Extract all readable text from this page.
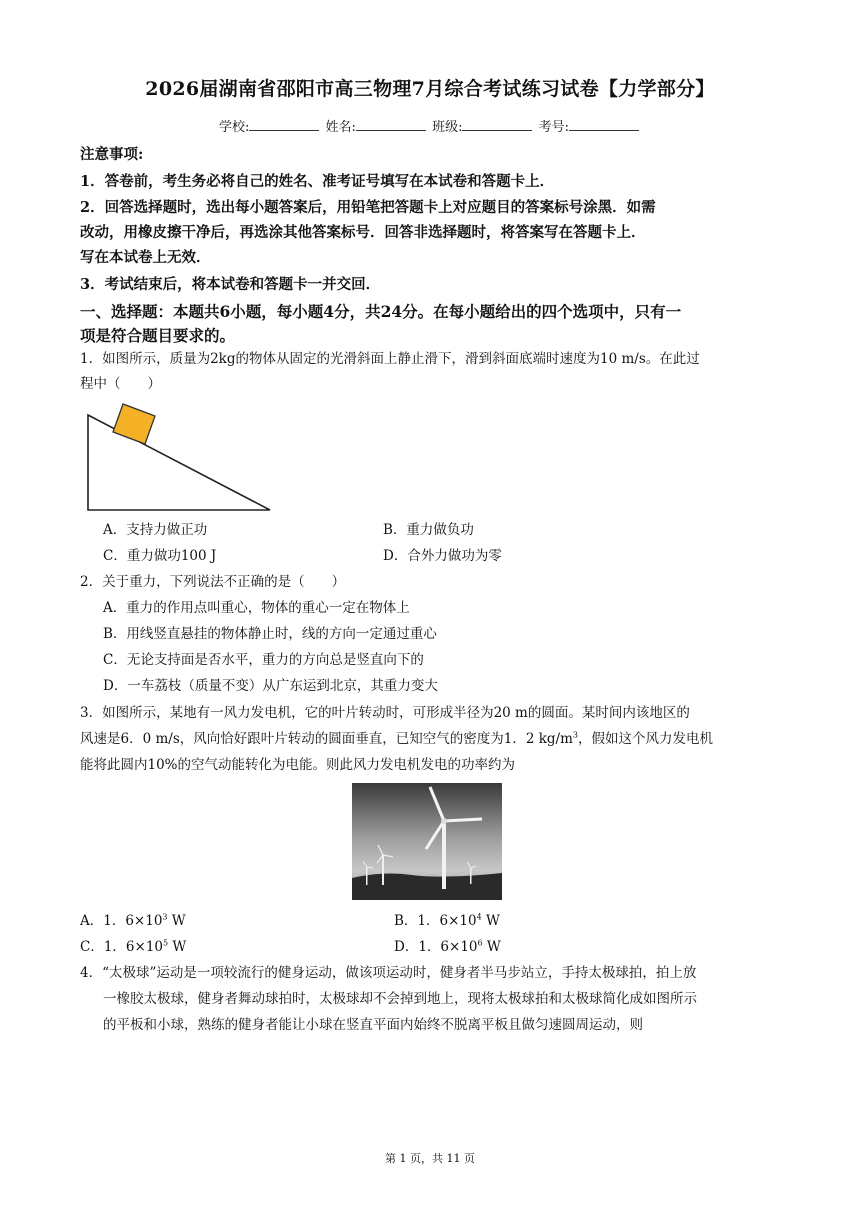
2026届湖南省邵阳市高三物理7月综合考试练习试卷【力学部分】
学校:	姓名:	班级:	考号:
注意事项:
1．答卷前，考生务必将自己的姓名、准考证号填写在本试卷和答题卡上．
2．回答选择题时，选出每小题答案后，用铅笔把答题卡上对应题目的答案标号涂黑．如需
改动，用橡皮擦干净后，再选涂其他答案标号．回答非选择题时，将答案写在答题卡上．
写在本试卷上无效．
3．考试结束后，将本试卷和答题卡一并交回．
一、选择题：本题共6小题，每小题4分，共24分。在每小题给出的四个选项中，只有一
项是符合题目要求的。
1．如图所示，质量为2kg的物体从固定的光滑斜面上静止滑下，滑到斜面底端时速度为10 m/s。在此过
程中（　　）
A．支持力做正功	B．重力做负功
C．重力做功100 J	D．合外力做功为零
2．关于重力，下列说法不正确的是（　　）
A．重力的作用点叫重心，物体的重心一定在物体上
B．用线竖直悬挂的物体静止时，线的方向一定通过重心
C．无论支持面是否水平，重力的方向总是竖直向下的
D．一车荔枝（质量不变）从广东运到北京，其重力变大
3．如图所示，某地有一风力发电机，它的叶片转动时，可形成半径为20 m的圆面。某时间内该地区的
风速是6．0 m/s，风向恰好跟叶片转动的圆面垂直，已知空气的密度为1．2 $kg/m^3$，假如这个风力发电机
能将此圆内10%的空气动能转化为电能。则此风力发电机发电的功率约为
A．1．$6\times 10^3$ W	B．1．$6\times 10^4$ W
C．1．$6\times 10^5$ W	D．1．$6\times 10^6$ W
4．“太极球”运动是一项较流行的健身运动，做该项运动时，健身者半马步站立，手持太极球拍，拍上放
一橡胶太极球，健身者舞动球拍时，太极球却不会掉到地上，现将太极球拍和太极球简化成如图所示
的平板和小球，熟练的健身者能让小球在竖直平面内始终不脱离平板且做匀速圆周运动，则
第 1 页，共 11 页
